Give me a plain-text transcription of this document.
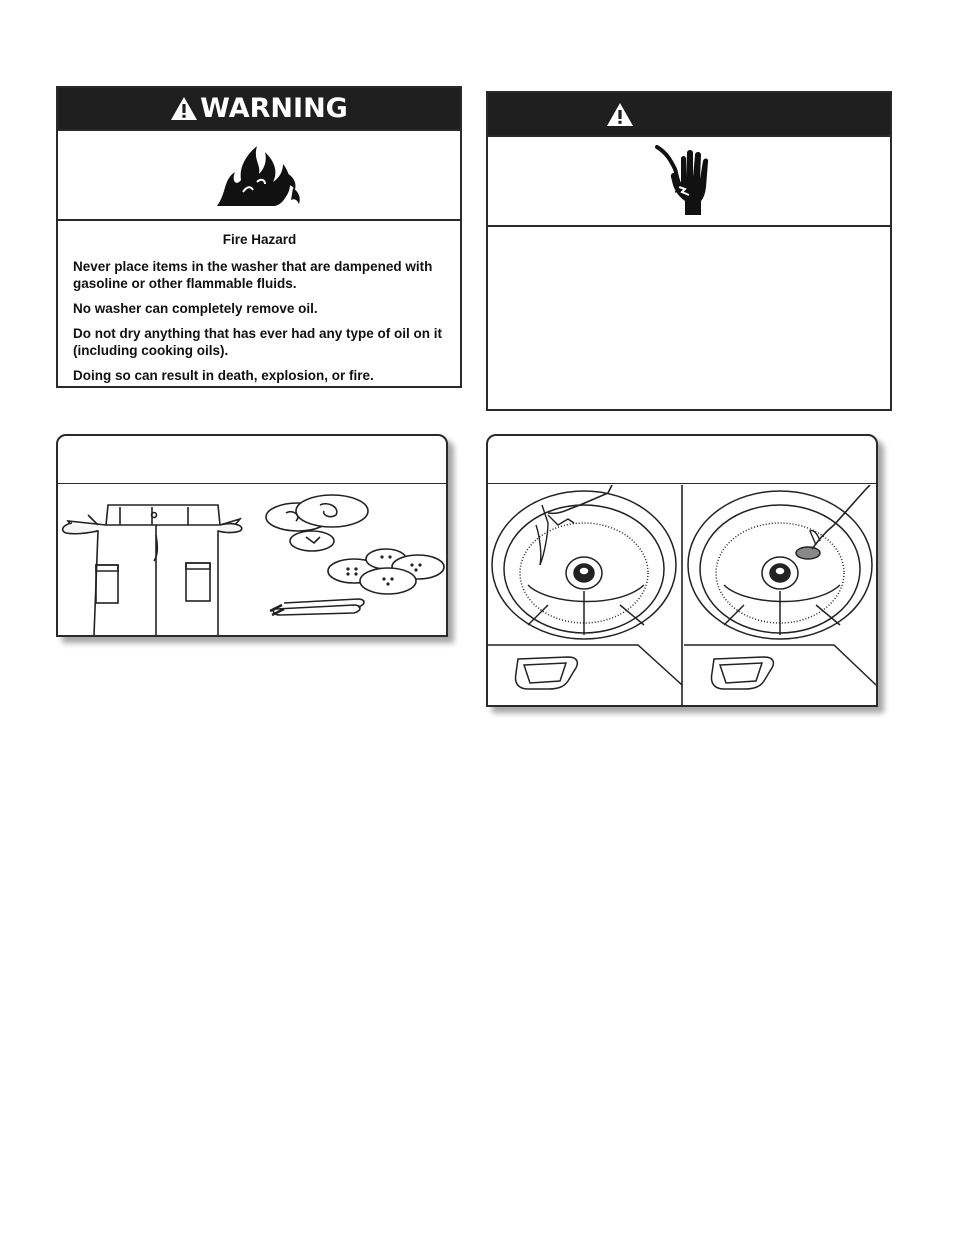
WARNING

Fire Hazard

Never place items in the washer that are dampened with gasoline or other flammable fluids.

No washer can completely remove oil.

Do not dry anything that has ever had any type of oil on it (including cooking oils).

Doing so can result in death, explosion, or fire.
